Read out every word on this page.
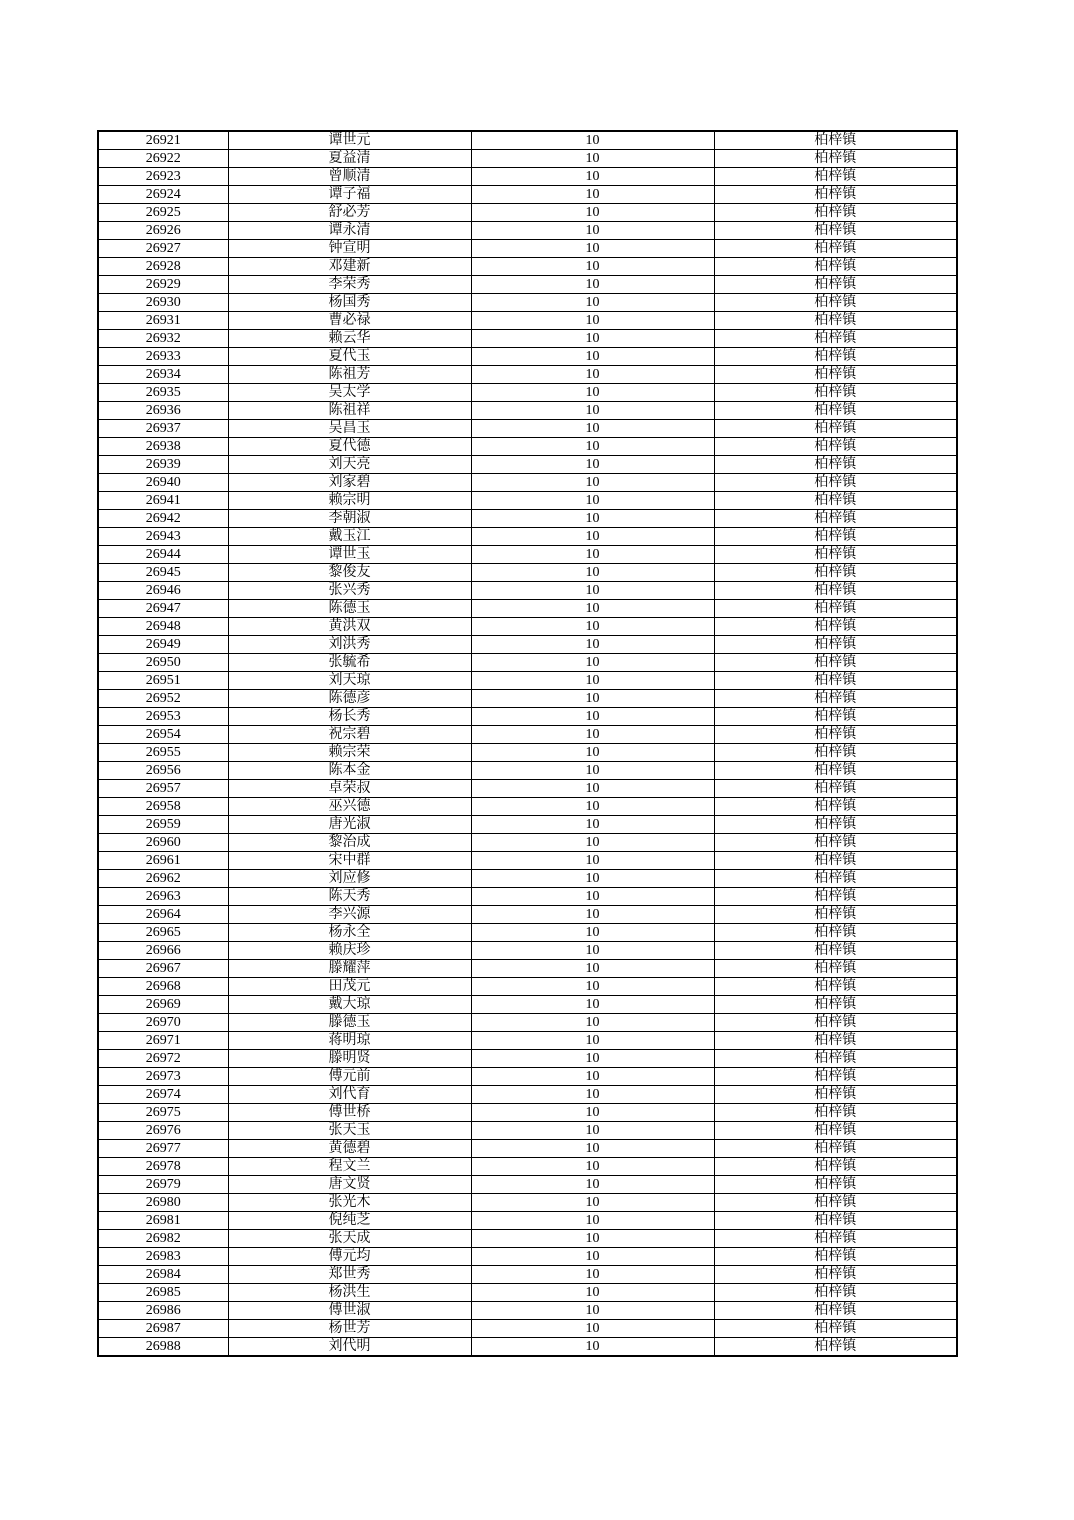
26921	谭世元	10	柏梓镇
26922	夏益清	10	柏梓镇
26923	曾顺清	10	柏梓镇
26924	谭子福	10	柏梓镇
26925	舒必芳	10	柏梓镇
26926	谭永清	10	柏梓镇
26927	钟宣明	10	柏梓镇
26928	邓建新	10	柏梓镇
26929	李荣秀	10	柏梓镇
26930	杨国秀	10	柏梓镇
26931	曹必禄	10	柏梓镇
26932	赖云华	10	柏梓镇
26933	夏代玉	10	柏梓镇
26934	陈祖芳	10	柏梓镇
26935	吴太学	10	柏梓镇
26936	陈祖祥	10	柏梓镇
26937	吴昌玉	10	柏梓镇
26938	夏代德	10	柏梓镇
26939	刘天亮	10	柏梓镇
26940	刘家碧	10	柏梓镇
26941	赖宗明	10	柏梓镇
26942	李朝淑	10	柏梓镇
26943	戴玉江	10	柏梓镇
26944	谭世玉	10	柏梓镇
26945	黎俊友	10	柏梓镇
26946	张兴秀	10	柏梓镇
26947	陈德玉	10	柏梓镇
26948	黄洪双	10	柏梓镇
26949	刘洪秀	10	柏梓镇
26950	张毓希	10	柏梓镇
26951	刘天琼	10	柏梓镇
26952	陈德彦	10	柏梓镇
26953	杨长秀	10	柏梓镇
26954	祝宗碧	10	柏梓镇
26955	赖宗荣	10	柏梓镇
26956	陈本金	10	柏梓镇
26957	卓荣叔	10	柏梓镇
26958	巫兴德	10	柏梓镇
26959	唐光淑	10	柏梓镇
26960	黎治成	10	柏梓镇
26961	宋中群	10	柏梓镇
26962	刘应修	10	柏梓镇
26963	陈天秀	10	柏梓镇
26964	李兴源	10	柏梓镇
26965	杨永全	10	柏梓镇
26966	赖庆珍	10	柏梓镇
26967	滕耀萍	10	柏梓镇
26968	田茂元	10	柏梓镇
26969	戴大琼	10	柏梓镇
26970	滕德玉	10	柏梓镇
26971	蒋明琼	10	柏梓镇
26972	滕明贤	10	柏梓镇
26973	傅元前	10	柏梓镇
26974	刘代育	10	柏梓镇
26975	傅世桥	10	柏梓镇
26976	张天玉	10	柏梓镇
26977	黄德碧	10	柏梓镇
26978	程文兰	10	柏梓镇
26979	唐文贤	10	柏梓镇
26980	张光木	10	柏梓镇
26981	倪纯芝	10	柏梓镇
26982	张天成	10	柏梓镇
26983	傅元均	10	柏梓镇
26984	郑世秀	10	柏梓镇
26985	杨洪生	10	柏梓镇
26986	傅世淑	10	柏梓镇
26987	杨世芳	10	柏梓镇
26988	刘代明	10	柏梓镇
